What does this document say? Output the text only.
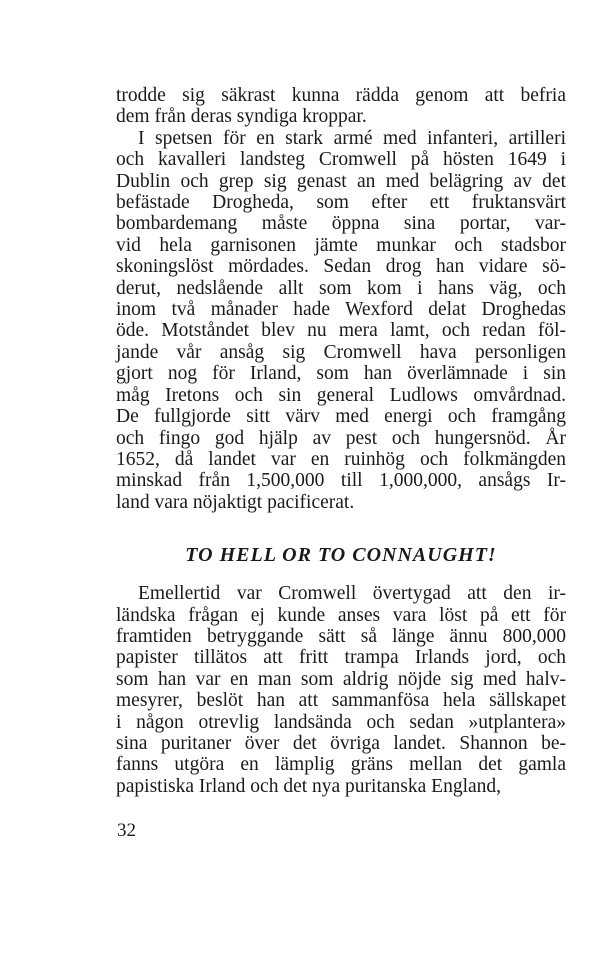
trodde sig säkrast kunna rädda genom att befria
dem från deras syndiga kroppar.

I spetsen för en stark armé med infanteri, artilleri
och kavalleri landsteg Cromwell på hösten 1649 i
Dublin och grep sig genast an med belägring av det
befästade Drogheda, som efter ett fruktansvärt
bombardemang måste öppna sina portar, var-
vid hela garnisonen jämte munkar och stadsbor
skoningslöst mördades. Sedan drog han vidare sö-
derut, nedslående allt som kom i hans väg, och
inom två månader hade Wexford delat Droghedas
öde. Motståndet blev nu mera lamt, och redan föl-
jande vår ansåg sig Cromwell hava personligen
gjort nog för Irland, som han överlämnade i sin
måg Iretons och sin general Ludlows omvårdnad.
De fullgjorde sitt värv med energi och framgång
och fingo god hjälp av pest och hungersnöd. År
1652, då landet var en ruinhög och folkmängden
minskad från 1,500,000 till 1,000,000, ansågs Ir-
land vara nöjaktigt pacificerat.

TO HELL OR TO CONNAUGHT!

Emellertid var Cromwell övertygad att den ir-
ländska frågan ej kunde anses vara löst på ett för
framtiden betryggande sätt så länge ännu 800,000
papister tillätos att fritt trampa Irlands jord, och
som han var en man som aldrig nöjde sig med halv-
mesyrer, beslöt han att sammanfösa hela sällskapet
i någon otrevlig landsända och sedan »utplantera»
sina puritaner över det övriga landet. Shannon be-
fanns utgöra en lämplig gräns mellan det gamla
papistiska Irland och det nya puritanska England,

32
